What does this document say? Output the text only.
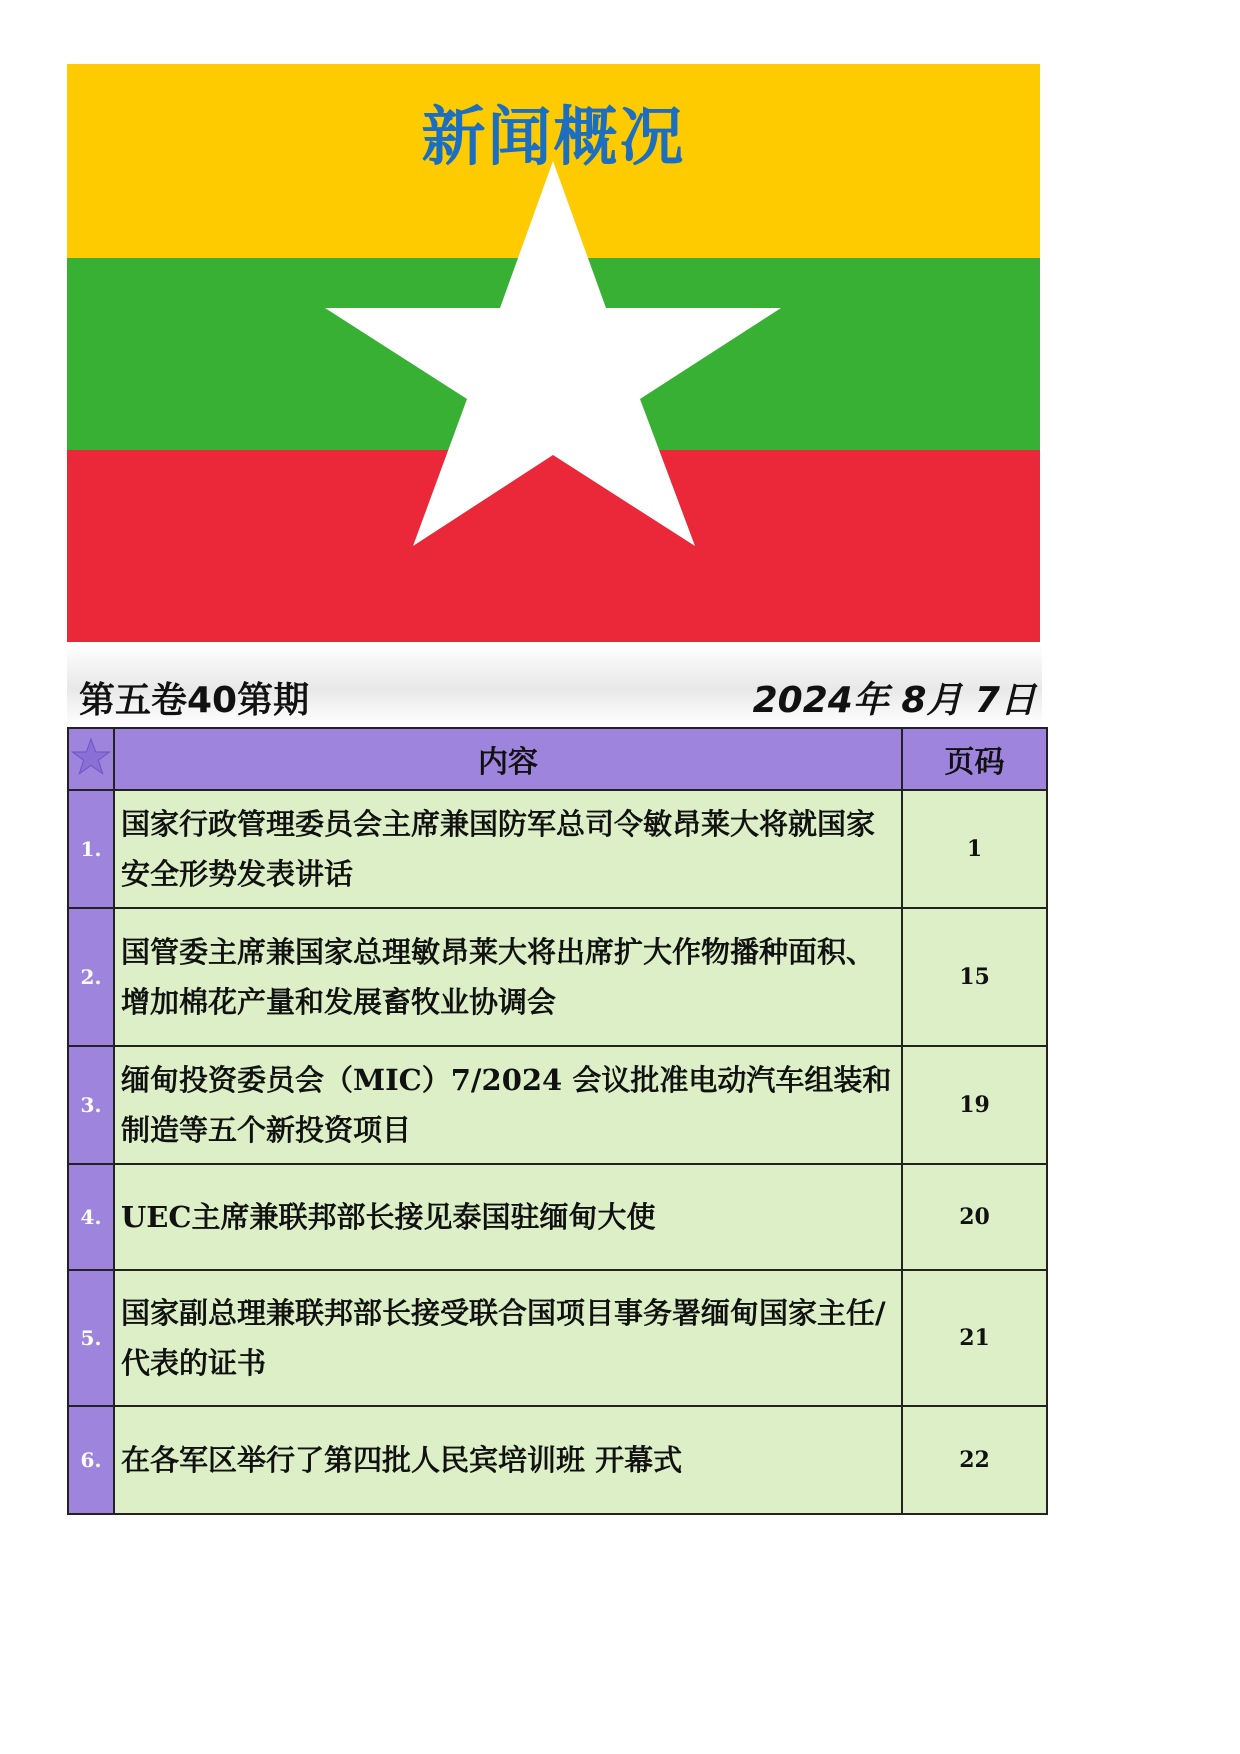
新闻概况
第五卷40第期	2024年 8月 7日
	内容	页码
1.	国家行政管理委员会主席兼国防军总司令敏昂莱大将就国家安全形势发表讲话	1
2.	国管委主席兼国家总理敏昂莱大将出席扩大作物播种面积、增加棉花产量和发展畜牧业协调会	15
3.	缅甸投资委员会（MIC）7/2024 会议批准电动汽车组装和制造等五个新投资项目	19
4.	UEC主席兼联邦部长接见泰国驻缅甸大使	20
5.	国家副总理兼联邦部长接受联合国项目事务署缅甸国家主任/代表的证书	21
6.	在各军区举行了第四批人民宾培训班 开幕式	22
